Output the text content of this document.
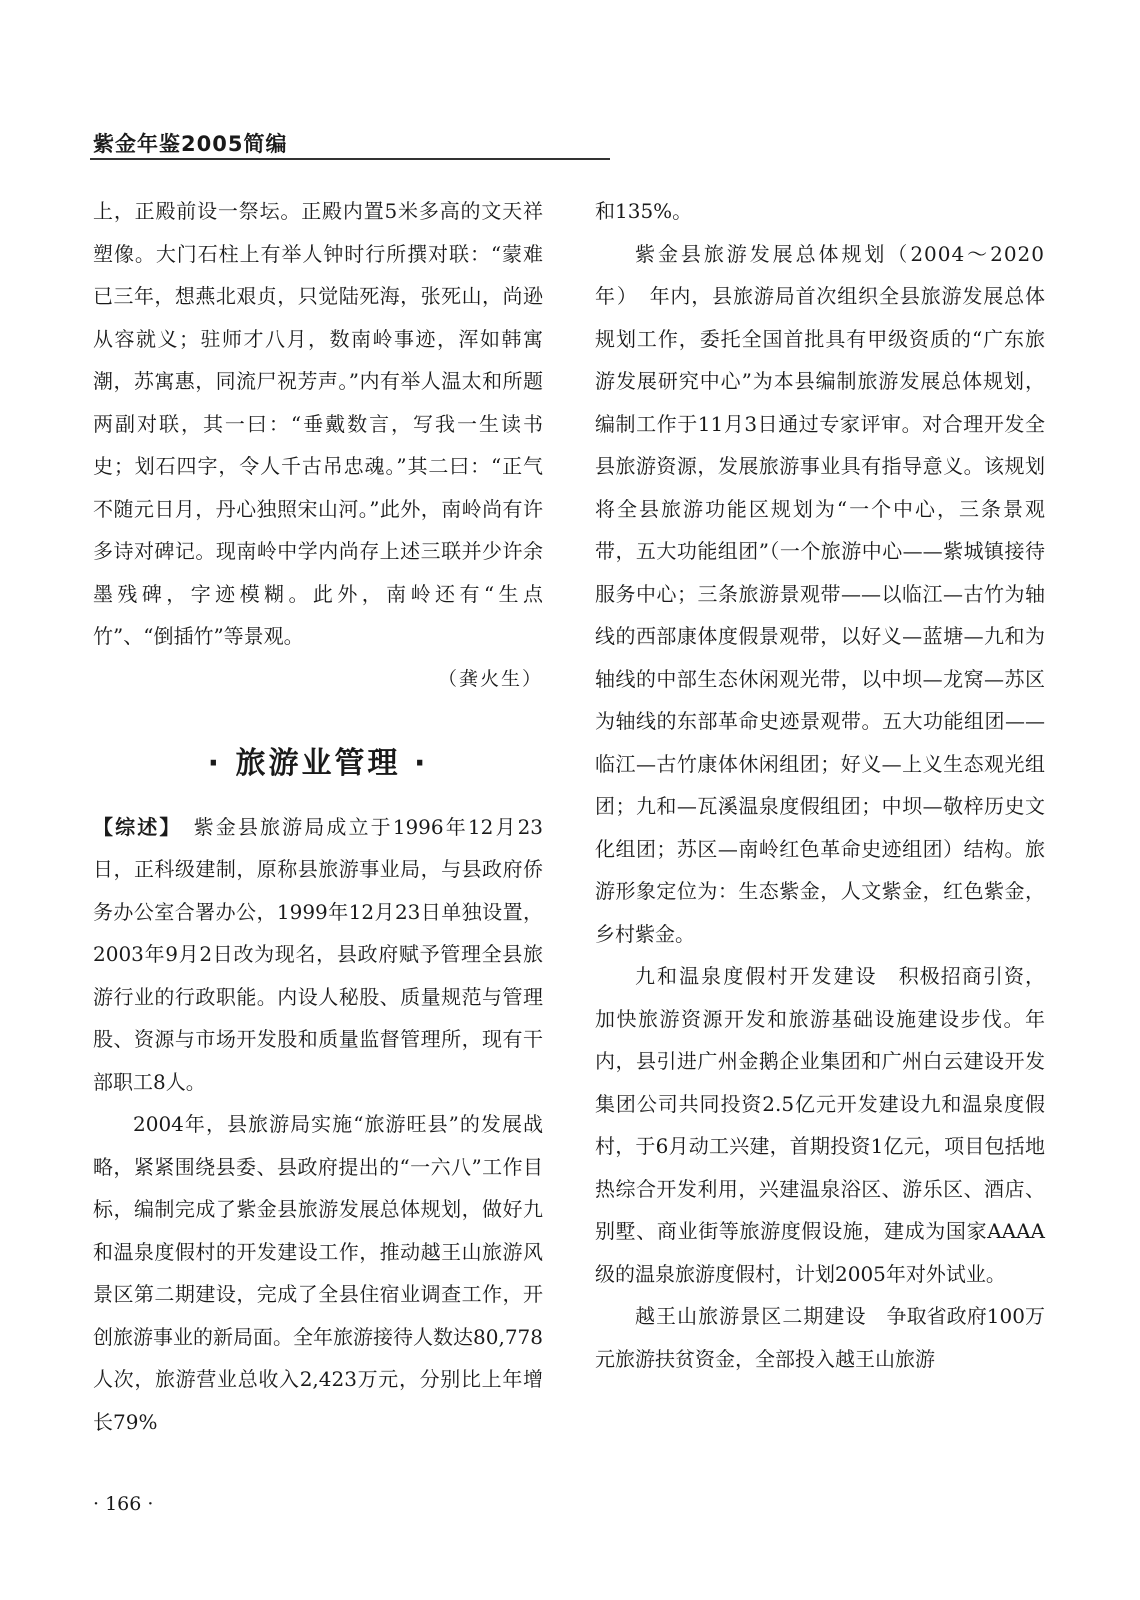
紫金年鉴2005简编

上，正殿前设一祭坛。正殿内置5米多高的文天祥塑像。大门石柱上有举人钟时行所撰对联：“蒙难已三年，想燕北艰贞，只觉陆死海，张死山，尚逊从容就义；驻师才八月，数南岭事迹，浑如韩寓潮，苏寓惠，同流尸祝芳声。”内有举人温太和所题两副对联，其一曰：“垂戴数言，写我一生读书史；划石四字，令人千古吊忠魂。”其二曰：“正气不随元日月，丹心独照宋山河。”此外，南岭尚有许多诗对碑记。现南岭中学内尚存上述三联并少许余墨残碑，字迹模糊。此外，南岭还有“生点竹”、“倒插竹”等景观。

（龚火生）

· 旅游业管理 ·

【综述】　 紫金县旅游局成立于1996年12月23日，正科级建制，原称县旅游事业局，与县政府侨务办公室合署办公，1999年12月23日单独设置，2003年9月2日改为现名，县政府赋予管理全县旅游行业的行政职能。内设人秘股、质量规范与管理股、资源与市场开发股和质量监督管理所，现有干部职工8人。

2004年，县旅游局实施“旅游旺县”的发展战略，紧紧围绕县委、县政府提出的“一六八”工作目标，编制完成了紫金县旅游发展总体规划，做好九和温泉度假村的开发建设工作，推动越王山旅游风景区第二期建设，完成了全县住宿业调查工作，开创旅游事业的新局面。全年旅游接待人数达80,778人次，旅游营业总收入2,423万元，分别比上年增长79%

和135%。

紫金县旅游发展总体规划（2004～2020年）　 年内，县旅游局首次组织全县旅游发展总体规划工作，委托全国首批具有甲级资质的“广东旅游发展研究中心”为本县编制旅游发展总体规划，编制工作于11月3日通过专家评审。对合理开发全县旅游资源，发展旅游事业具有指导意义。该规划将全县旅游功能区规划为“一个中心，三条景观带，五大功能组团”（一个旅游中心——紫城镇接待服务中心；三条旅游景观带——以临江—古竹为轴线的西部康体度假景观带，以好义—蓝塘—九和为轴线的中部生态休闲观光带，以中坝—龙窝—苏区为轴线的东部革命史迹景观带。五大功能组团——临江—古竹康体休闲组团；好义—上义生态观光组团；九和—瓦溪温泉度假组团；中坝—敬梓历史文化组团；苏区—南岭红色革命史迹组团）结构。旅游形象定位为：生态紫金，人文紫金，红色紫金，乡村紫金。

九和温泉度假村开发建设　 积极招商引资，加快旅游资源开发和旅游基础设施建设步伐。年内，县引进广州金鹅企业集团和广州白云建设开发集团公司共同投资2.5亿元开发建设九和温泉度假村，于6月动工兴建，首期投资1亿元，项目包括地热综合开发利用，兴建温泉浴区、游乐区、酒店、别墅、商业街等旅游度假设施，建成为国家AAAA级的温泉旅游度假村，计划2005年对外试业。

越王山旅游景区二期建设　 争取省政府100万元旅游扶贫资金，全部投入越王山旅游

· 166 ·
